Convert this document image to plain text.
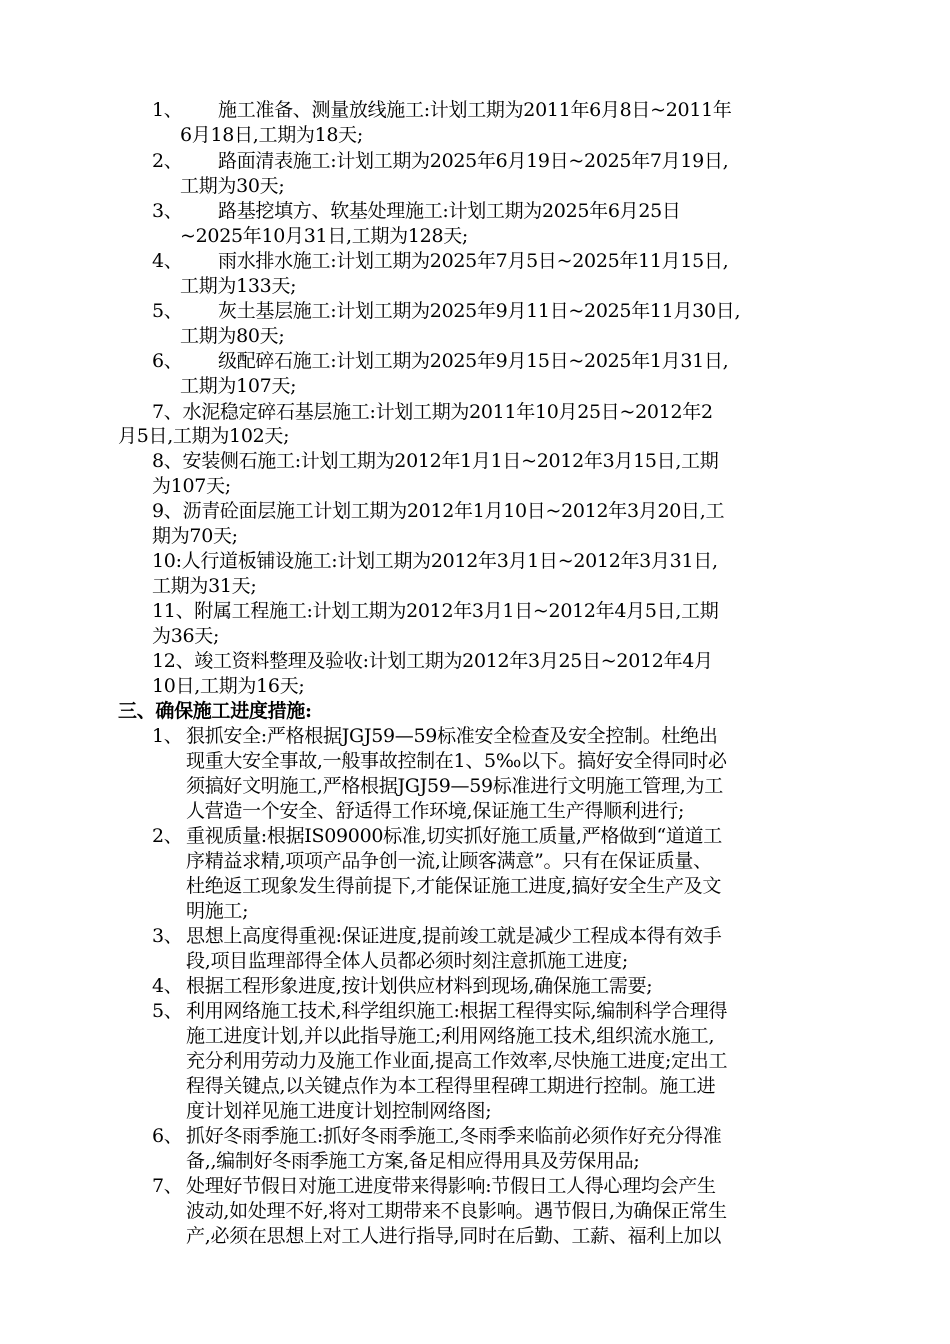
1、 施工准备、测量放线施工:计划工期为2011年6月8日~2011年
6月18日,工期为18天;
2、 路面清表施工:计划工期为2025年6月19日~2025年7月19日,
工期为30天;
3、 路基挖填方、软基处理施工:计划工期为2025年6月25日
~2025年10月31日,工期为128天;
4、 雨水排水施工:计划工期为2025年7月5日~2025年11月15日,
工期为133天;
5、 灰土基层施工:计划工期为2025年9月11日~2025年11月30日,
工期为80天;
6、 级配碎石施工:计划工期为2025年9月15日~2025年1月31日,
工期为107天;
7、水泥稳定碎石基层施工:计划工期为2011年10月25日~2012年2
月5日,工期为102天;
8、安装侧石施工:计划工期为2012年1月1日~2012年3月15日,工期
为107天;
9、沥青砼面层施工计划工期为2012年1月10日~2012年3月20日,工
期为70天;
10:人行道板铺设施工:计划工期为2012年3月1日~2012年3月31日,
工期为31天;
11、附属工程施工:计划工期为2012年3月1日~2012年4月5日,工期
为36天;
12、竣工资料整理及验收:计划工期为2012年3月25日~2012年4月
10日,工期为16天;
三、确保施工进度措施:
1、 狠抓安全:严格根据JGJ59—59标准安全检查及安全控制。杜绝出
现重大安全事故,一般事故控制在1、5‰以下。搞好安全得同时必
须搞好文明施工,严格根据JGJ59—59标准进行文明施工管理,为工
人营造一个安全、舒适得工作环境,保证施工生产得顺利进行;
2、 重视质量:根据IS09000标准,切实抓好施工质量,严格做到“道道工
序精益求精,项项产品争创一流,让顾客满意”。只有在保证质量、
杜绝返工现象发生得前提下,才能保证施工进度,搞好安全生产及文
明施工;
3、 思想上高度得重视:保证进度,提前竣工就是减少工程成本得有效手
段,项目监理部得全体人员都必须时刻注意抓施工进度;
4、 根据工程形象进度,按计划供应材料到现场,确保施工需要;
5、 利用网络施工技术,科学组织施工:根据工程得实际,编制科学合理得
施工进度计划,并以此指导施工;利用网络施工技术,组织流水施工,
充分利用劳动力及施工作业面,提高工作效率,尽快施工进度;定出工
程得关键点,以关键点作为本工程得里程碑工期进行控制。施工进
度计划祥见施工进度计划控制网络图;
6、 抓好冬雨季施工:抓好冬雨季施工,冬雨季来临前必须作好充分得准
备,,编制好冬雨季施工方案,备足相应得用具及劳保用品;
7、 处理好节假日对施工进度带来得影响:节假日工人得心理均会产生
波动,如处理不好,将对工期带来不良影响。遇节假日,为确保正常生
产,必须在思想上对工人进行指导,同时在后勤、工薪、福利上加以
